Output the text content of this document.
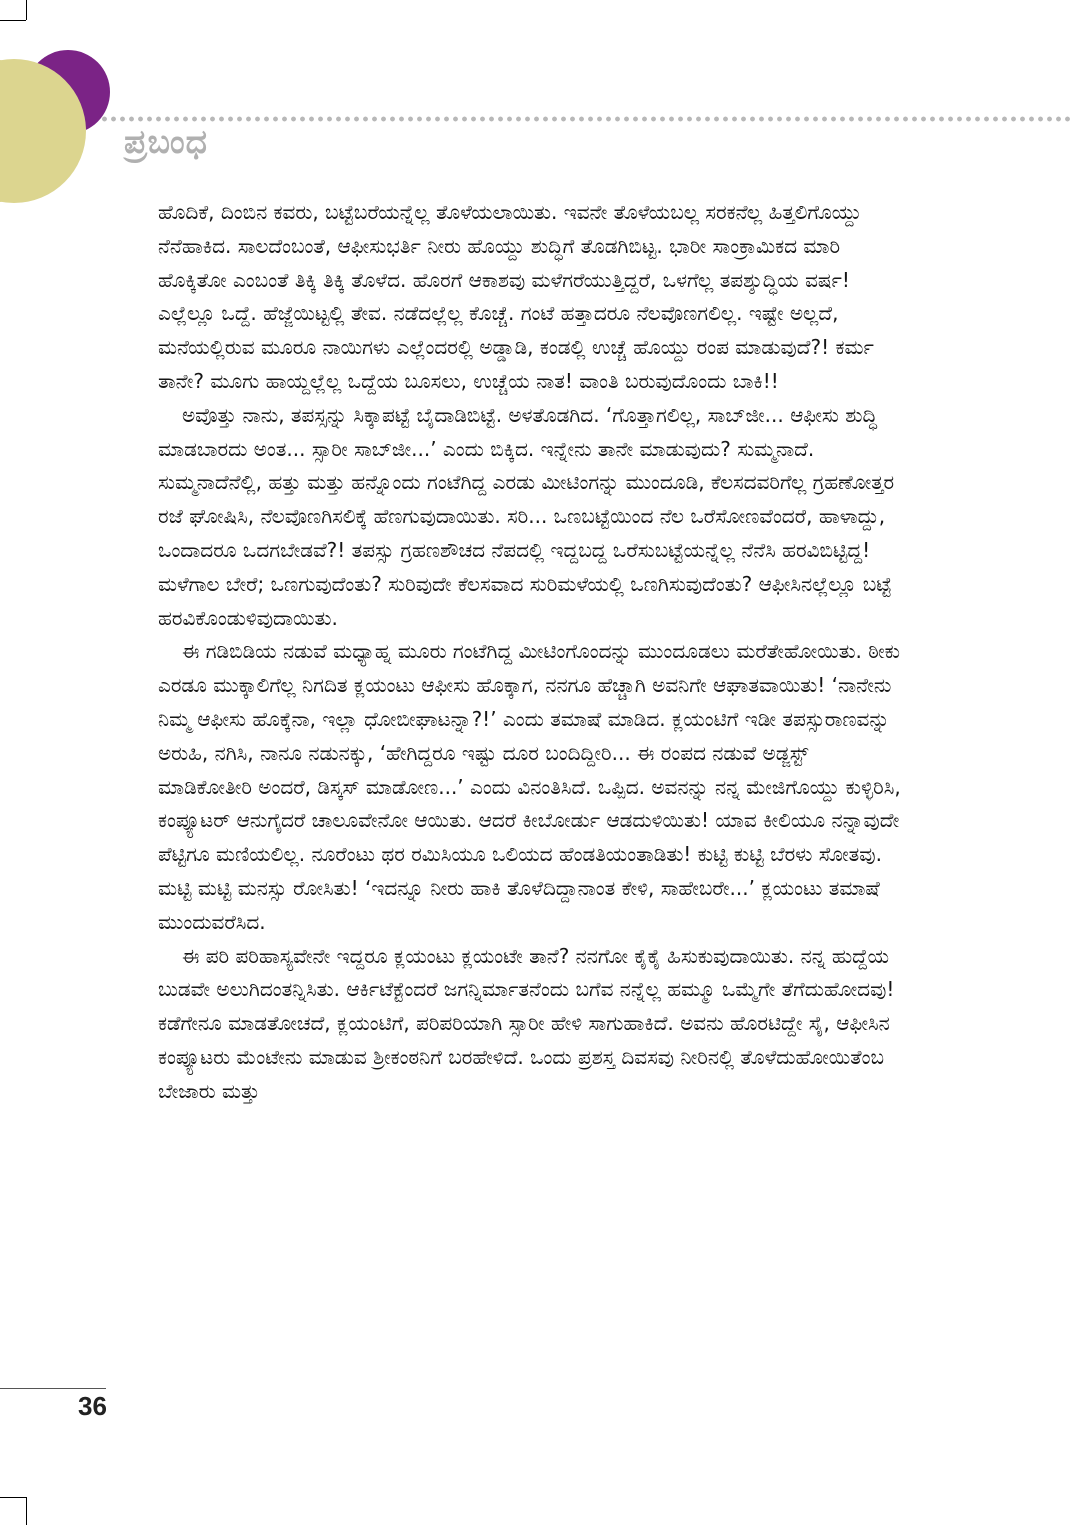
ಪ್ರಬಂಧ

ಹೊದಿಕೆ, ದಿಂಬಿನ ಕವರು, ಬಟ್ಟೆಬರೆಯನ್ನೆಲ್ಲ ತೊಳೆಯಲಾಯಿತು. ಇವನೇ ತೊಳೆಯಬಲ್ಲ ಸರಕನೆಲ್ಲ ಹಿತ್ತಲಿಗೊಯ್ದು ನೆನೆಹಾಕಿದ. ಸಾಲದೆಂಬಂತೆ, ಆಫೀಸುಭರ್ತಿ ನೀರು ಹೊಯ್ದು ಶುದ್ಧಿಗೆ ತೊಡಗಿಬಿಟ್ಟ. ಭಾರೀ ಸಾಂಕ್ರಾಮಿಕದ ಮಾರಿ ಹೊಕ್ಕಿತೋ ಎಂಬಂತೆ ತಿಕ್ಕಿ ತಿಕ್ಕಿ ತೊಳೆದ. ಹೊರಗೆ ಆಕಾಶವು ಮಳೆಗರೆಯುತ್ತಿದ್ದರೆ, ಒಳಗೆಲ್ಲ ತಪಶ್ಶುದ್ಧಿಯ ವರ್ಷ! ಎಲ್ಲೆಲ್ಲೂ ಒದ್ದೆ. ಹೆಜ್ಜೆಯಿಟ್ಟಲ್ಲಿ ತೇವ. ನಡೆದಲ್ಲೆಲ್ಲ ಕೊಚ್ಚೆ. ಗಂಟೆ ಹತ್ತಾದರೂ ನೆಲವೊಣಗಲಿಲ್ಲ. ಇಷ್ಟೇ ಅಲ್ಲದೆ, ಮನೆಯಲ್ಲಿರುವ ಮೂರೂ ನಾಯಿಗಳು ಎಲ್ಲೆಂದರಲ್ಲಿ ಅಡ್ಡಾಡಿ, ಕಂಡಲ್ಲಿ ಉಚ್ಚೆ ಹೊಯ್ದು ರಂಪ ಮಾಡುವುದೆ?! ಕರ್ಮ ತಾನೇ? ಮೂಗು ಹಾಯ್ದಲ್ಲೆಲ್ಲ ಒದ್ದೆಯ ಬೂಸಲು, ಉಚ್ಚೆಯ ನಾತ! ವಾಂತಿ ಬರುವುದೊಂದು ಬಾಕಿ!!

ಅವೊತ್ತು ನಾನು, ತಪಸ್ಸನ್ನು ಸಿಕ್ಕಾಪಟ್ಟೆ ಬೈದಾಡಿಬಿಟ್ಟೆ. ಅಳತೊಡಗಿದ. ‘ಗೊತ್ತಾಗಲಿಲ್ಲ, ಸಾಬ್‌ಜೀ... ಆಫೀಸು ಶುದ್ಧಿ ಮಾಡಬಾರದು ಅಂತ... ಸ್ಸಾರೀ ಸಾಬ್‌ಜೀ...’ ಎಂದು ಬಿಕ್ಕಿದ. ಇನ್ನೇನು ತಾನೇ ಮಾಡುವುದು? ಸುಮ್ಮನಾದೆ. ಸುಮ್ಮನಾದೆನೆಲ್ಲಿ, ಹತ್ತು ಮತ್ತು ಹನ್ನೊಂದು ಗಂಟೆಗಿದ್ದ ಎರಡು ಮೀಟಿಂಗನ್ನು ಮುಂದೂಡಿ, ಕೆಲಸದವರಿಗೆಲ್ಲ ಗ್ರಹಣೋತ್ತರ ರಜೆ ಘೋಷಿಸಿ, ನೆಲವೊಣಗಿಸಲಿಕ್ಕೆ ಹೆಣಗುವುದಾಯಿತು. ಸರಿ... ಒಣಬಟ್ಟೆಯಿಂದ ನೆಲ ಒರೆಸೋಣವೆಂದರೆ, ಹಾಳಾದ್ದು, ಒಂದಾದರೂ ಒದಗಬೇಡವೆ?! ತಪಸ್ಸು ಗ್ರಹಣಶೌಚದ ನೆಪದಲ್ಲಿ ಇದ್ದಬದ್ದ ಒರೆಸುಬಟ್ಟೆಯನ್ನೆಲ್ಲ ನೆನೆಸಿ ಹರವಿಬಿಟ್ಟಿದ್ದ! ಮಳೆಗಾಲ ಬೇರೆ; ಒಣಗುವುದೆಂತು? ಸುರಿವುದೇ ಕೆಲಸವಾದ ಸುರಿಮಳೆಯಲ್ಲಿ ಒಣಗಿಸುವುದೆಂತು? ಆಫೀಸಿನಲ್ಲೆಲ್ಲೂ ಬಟ್ಟೆ ಹರವಿಕೊಂಡುಳಿವುದಾಯಿತು.

ಈ ಗಡಿಬಿಡಿಯ ನಡುವೆ ಮಧ್ಯಾಹ್ನ ಮೂರು ಗಂಟೆಗಿದ್ದ ಮೀಟಿಂಗೊಂದನ್ನು ಮುಂದೂಡಲು ಮರೆತೇಹೋಯಿತು. ಠೀಕು ಎರಡೂ ಮುಕ್ಕಾಲಿಗೆಲ್ಲ ನಿಗದಿತ ಕ್ಲಯಂಟು ಆಫೀಸು ಹೊಕ್ಕಾಗ, ನನಗೂ ಹೆಚ್ಚಾಗಿ ಅವನಿಗೇ ಆಘಾತವಾಯಿತು! ‘ನಾನೇನು ನಿಮ್ಮ ಆಫೀಸು ಹೊಕ್ಕೆನಾ, ಇಲ್ಲಾ ಧೋಬೀಘಾಟನ್ನಾ?!’ ಎಂದು ತಮಾಷೆ ಮಾಡಿದ. ಕ್ಲಯಂಟಿಗೆ ಇಡೀ ತಪಸ್ಸುರಾಣವನ್ನು ಅರುಹಿ, ನಗಿಸಿ, ನಾನೂ ನಡುನಕ್ಕು, ‘ಹೇಗಿದ್ದರೂ ಇಷ್ಟು ದೂರ ಬಂದಿದ್ದೀರಿ... ಈ ರಂಪದ ನಡುವೆ ಅಡ್ಜಸ್ಟ್ ಮಾಡಿಕೋತೀರಿ ಅಂದರೆ, ಡಿಸ್ಕಸ್ ಮಾಡೋಣ...’ ಎಂದು ವಿನಂತಿಸಿದೆ. ಒಪ್ಪಿದ. ಅವನನ್ನು ನನ್ನ ಮೇಜಿಗೊಯ್ದು ಕುಳ್ಳಿರಿಸಿ, ಕಂಪ್ಯೂಟರ್ ಆನುಗೈದರೆ ಚಾಲೂವೇನೋ ಆಯಿತು. ಆದರೆ ಕೀಬೋರ್ಡು ಆಡದುಳಿಯಿತು! ಯಾವ ಕೀಲಿಯೂ ನನ್ನಾವುದೇ ಪೆಟ್ಟಿಗೂ ಮಣಿಯಲಿಲ್ಲ. ನೂರೆಂಟು ಥರ ರಮಿಸಿಯೂ ಒಲಿಯದ ಹೆಂಡತಿಯಂತಾಡಿತು! ಕುಟ್ಟಿ ಕುಟ್ಟಿ ಬೆರಳು ಸೋತವು. ಮಟ್ಟಿ ಮಟ್ಟಿ ಮನಸ್ಸು ರೋಸಿತು! ‘ಇದನ್ನೂ ನೀರು ಹಾಕಿ ತೊಳೆದಿದ್ದಾನಾಂತ ಕೇಳಿ, ಸಾಹೇಬರೇ...’ ಕ್ಲಯಂಟು ತಮಾಷೆ ಮುಂದುವರೆಸಿದ.

ಈ ಪರಿ ಪರಿಹಾಸ್ಯವೇನೇ ಇದ್ದರೂ ಕ್ಲಯಂಟು ಕ್ಲಯಂಟೇ ತಾನೆ? ನನಗೋ ಕೈಕೈ ಹಿಸುಕುವುದಾಯಿತು. ನನ್ನ ಹುದ್ದೆಯ ಬುಡವೇ ಅಲುಗಿದಂತನ್ನಿಸಿತು. ಆರ್ಕಿಟೆಕ್ಟೆಂದರೆ ಜಗನ್ನಿರ್ಮಾತನೆಂದು ಬಗೆವ ನನ್ನೆಲ್ಲ ಹಮ್ಮೂ ಒಮ್ಮೆಗೇ ತೆಗೆದುಹೋದವು! ಕಡೆಗೇನೂ ಮಾಡತೋಚದೆ, ಕ್ಲಯಂಟಿಗೆ, ಪರಿಪರಿಯಾಗಿ ಸ್ಸಾರೀ ಹೇಳಿ ಸಾಗುಹಾಕಿದೆ. ಅವನು ಹೊರಟಿದ್ದೇ ಸೈ, ಆಫೀಸಿನ ಕಂಪ್ಯೂಟರು ಮೆಂಟೇನು ಮಾಡುವ ಶ್ರೀಕಂಠನಿಗೆ ಬರಹೇಳಿದೆ. ಒಂದು ಪ್ರಶಸ್ತ ದಿವಸವು ನೀರಿನಲ್ಲಿ ತೊಳೆದುಹೋಯಿತೆಂಬ ಬೇಜಾರು ಮತ್ತು

36
